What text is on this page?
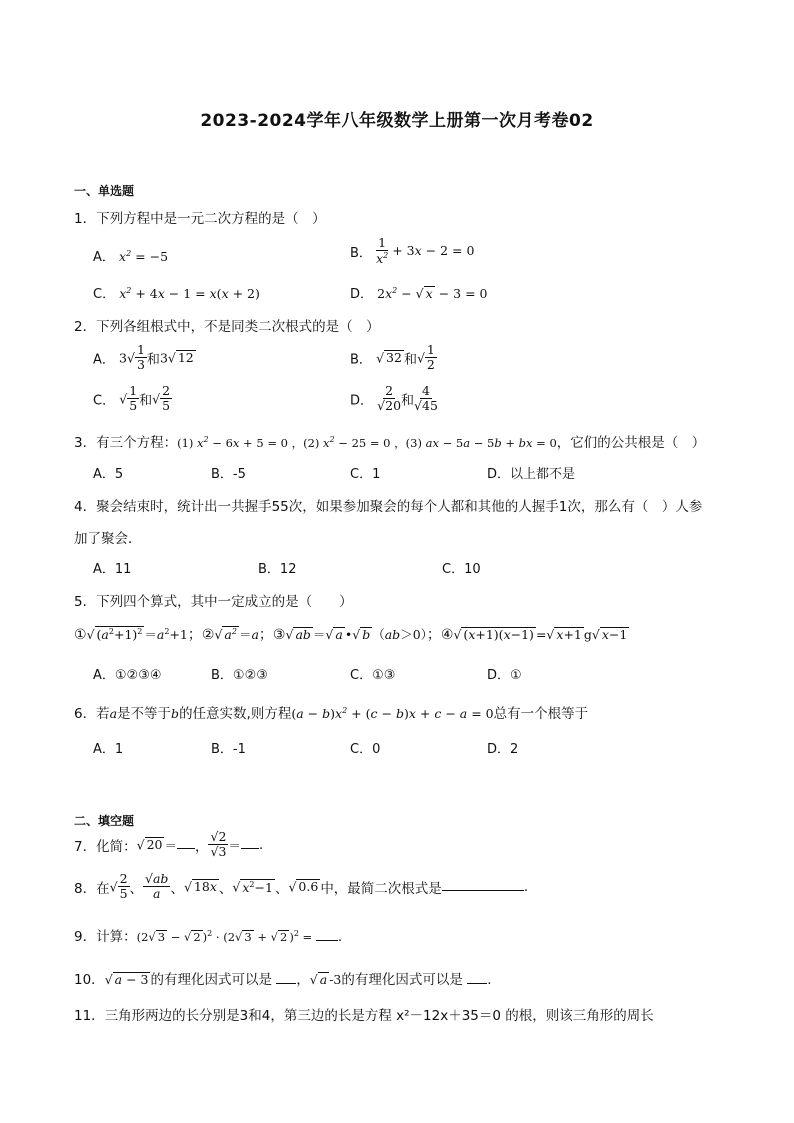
2023-2024学年八年级数学上册第一次月考卷02
一、单选题
1．下列方程中是一元二次方程的是（　）
A． $x^2 = -5$	B． $\frac{1}{x^2} + 3x - 2 = 0$
C． $x^2 + 4x - 1 = x(x + 2)$	D． $2x^2$ − √ x − 3 = 0
2．下列各组根式中，不是同类二次根式的是（　）
A． $3√ \frac{1}{3}$ 和3√ 12	B． √ 32 和√ $\frac{1}{2}$
C． √ $\frac{1}{5}$ 和√ $\frac{2}{5}$	D． $\frac{2}{√20}$ 和 $\frac{4}{√45}$
3．有三个方程：(1) $x^2 - 6x + 5 = 0$ ，(2) $x^2 - 25 = 0$ ，(3) ax − 5a − 5b + bx = 0，它们的公共根是（　）
A．5	B．-5	C．1	D．以上都不是
4．聚会结束时，统计出一共握手55次，如果参加聚会的每个人都和其他的人握手1次，那么有（　）人参
加了聚会．
A．11	B．12	C．10
5．下列四个算式，其中一定成立的是（　　）
①√ $(a^2+1)^2 =a^2+1$；②√ $a^2 =a$；③√ ab ＝√ a •√ b （ab＞0）；④√ (x+1)(x−1) =√ x+1 g√ x−1
A．①②③④	B．①②③	C．①③	D．①
6．若a是不等于b的任意实数,则方程$(a - b)x^2 + (c - b)x + c - a = 0$总有一个根等于
A．1	B．-1	C．0	D．2
二、填空题
7．化简：√ 20 ＝ ， $\frac{√2}{√3}$ ＝ .
8．在√ $\frac{2}{5}$ 、 $\frac{√ab}{a}$ 、√ 18x 、√ $x^2-1$ 、√ 0.6 中，最简二次根式是	.
9．计算：(2√ 3 − √ 2 )$^2$ · (2√ 3 + √ 2 )$^2$ = .
10．√ a − 3 的有理化因式可以是 ，√ a -3的有理化因式可以是 .
11．三角形两边的长分别是3和4，第三边的长是方程 x²－12x＋35＝0 的根，则该三角形的周长
